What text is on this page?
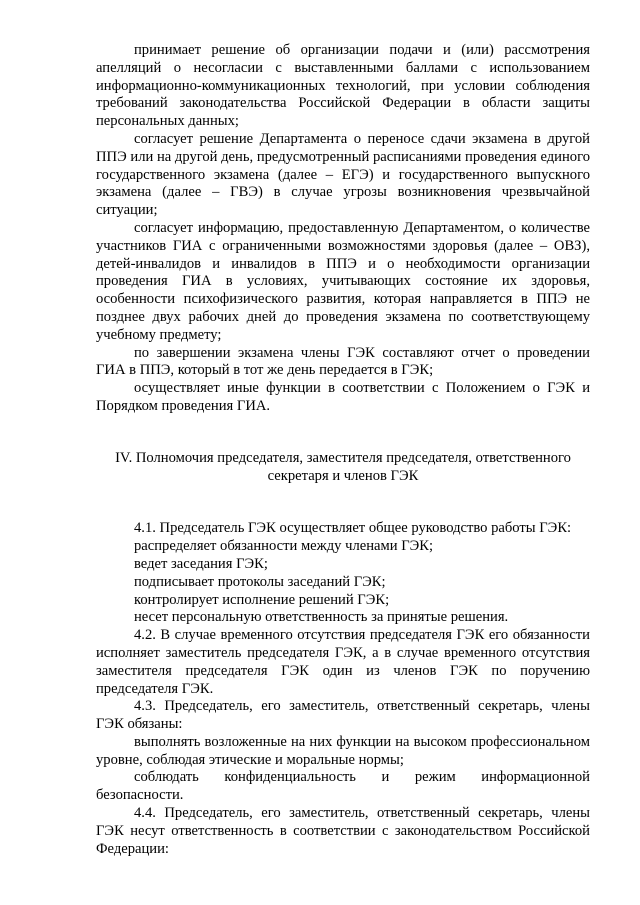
принимает решение об организации подачи и (или) рассмотрения апелляций о несогласии с выставленными баллами с использованием информационно-коммуникационных технологий, при условии соблюдения требований законодательства Российской Федерации в области защиты персональных данных;

согласует решение Департамента о переносе сдачи экзамена в другой ППЭ или на другой день, предусмотренный расписаниями проведения единого государственного экзамена (далее – ЕГЭ) и государственного выпускного экзамена (далее – ГВЭ) в случае угрозы возникновения чрезвычайной ситуации;

согласует информацию, предоставленную Департаментом, о количестве участников ГИА с ограниченными возможностями здоровья (далее – ОВЗ), детей-инвалидов и инвалидов в ППЭ и о необходимости организации проведения ГИА в условиях, учитывающих состояние их здоровья, особенности психофизического развития, которая направляется в ППЭ не позднее двух рабочих дней до проведения экзамена по соответствующему учебному предмету;

по завершении экзамена члены ГЭК составляют отчет о проведении ГИА в ППЭ, который в тот же день передается в ГЭК;

осуществляет иные функции в соответствии с Положением о ГЭК и Порядком проведения ГИА.

IV. Полномочия председателя, заместителя председателя, ответственного секретаря и членов ГЭК

4.1. Председатель ГЭК осуществляет общее руководство работы ГЭК:

распределяет обязанности между членами ГЭК;

ведет заседания ГЭК;

подписывает протоколы заседаний ГЭК;

контролирует исполнение решений ГЭК;

несет персональную ответственность за принятые решения.

4.2. В случае временного отсутствия председателя ГЭК его обязанности исполняет заместитель председателя ГЭК, а в случае временного отсутствия заместителя председателя ГЭК один из членов ГЭК по поручению председателя ГЭК.

4.3. Председатель, его заместитель, ответственный секретарь, члены ГЭК обязаны:

выполнять возложенные на них функции на высоком профессиональном уровне, соблюдая этические и моральные нормы;

соблюдать конфиденциальность и режим информационной безопасности.

4.4. Председатель, его заместитель, ответственный секретарь, члены ГЭК несут ответственность в соответствии с законодательством Российской Федерации:
